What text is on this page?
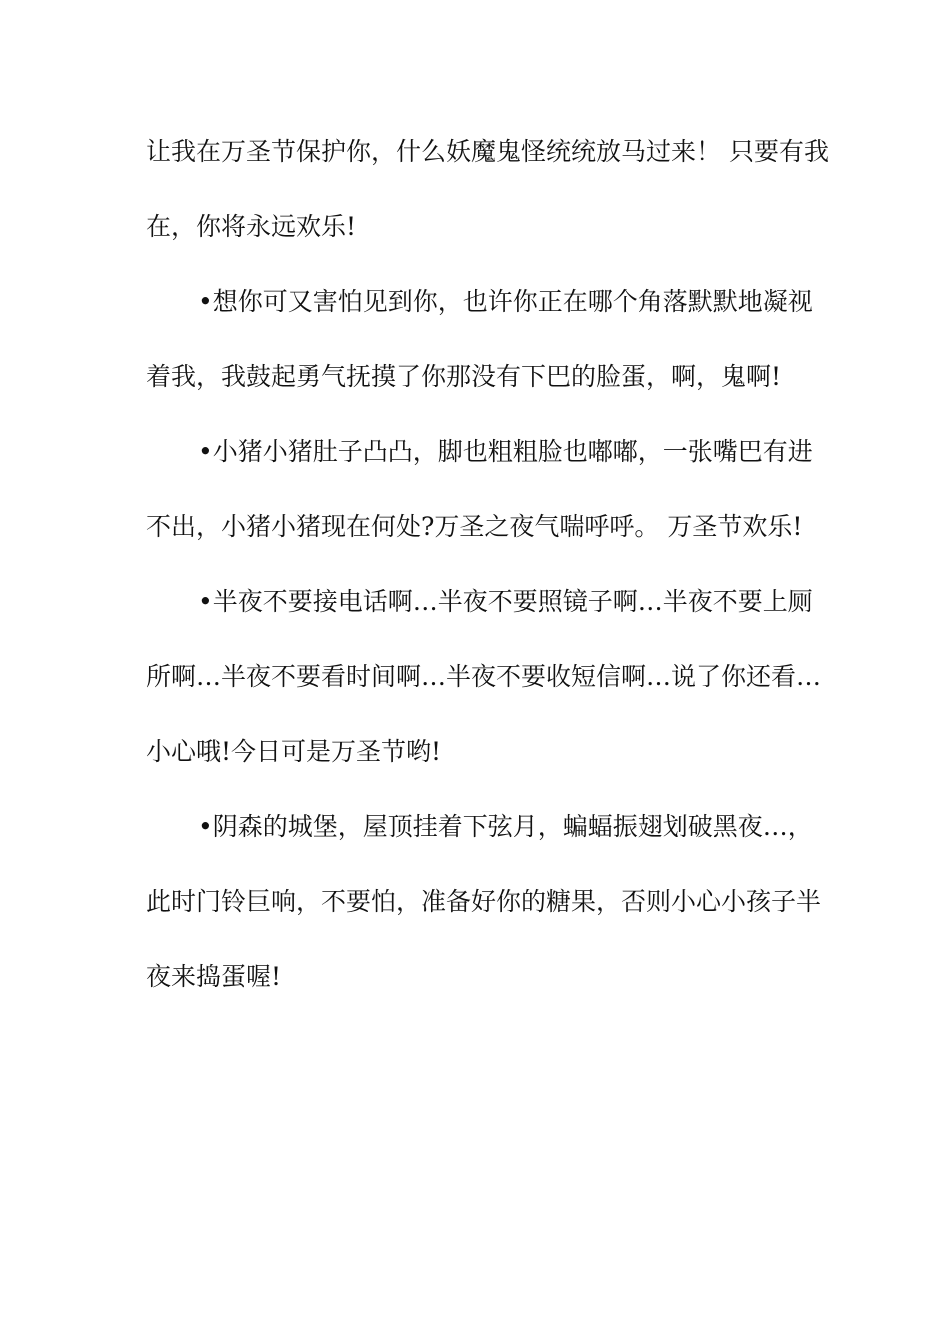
让我在万圣节保护你，什么妖魔鬼怪统统放马过来！ 只要有我
在，你将永远欢乐!
•想你可又害怕见到你，也许你正在哪个角落默默地凝视
着我，我鼓起勇气抚摸了你那没有下巴的脸蛋，啊，鬼啊!
•小猪小猪肚子凸凸，脚也粗粗脸也嘟嘟，一张嘴巴有进
不出，小猪小猪现在何处?万圣之夜气喘呼呼。 万圣节欢乐!
•半夜不要接电话啊…半夜不要照镜子啊…半夜不要上厕
所啊…半夜不要看时间啊…半夜不要收短信啊…说了你还看…
小心哦!今日可是万圣节哟!
•阴森的城堡，屋顶挂着下弦月，蝙蝠振翅划破黑夜…，
此时门铃巨响，不要怕，准备好你的糖果，否则小心小孩子半
夜来捣蛋喔!
